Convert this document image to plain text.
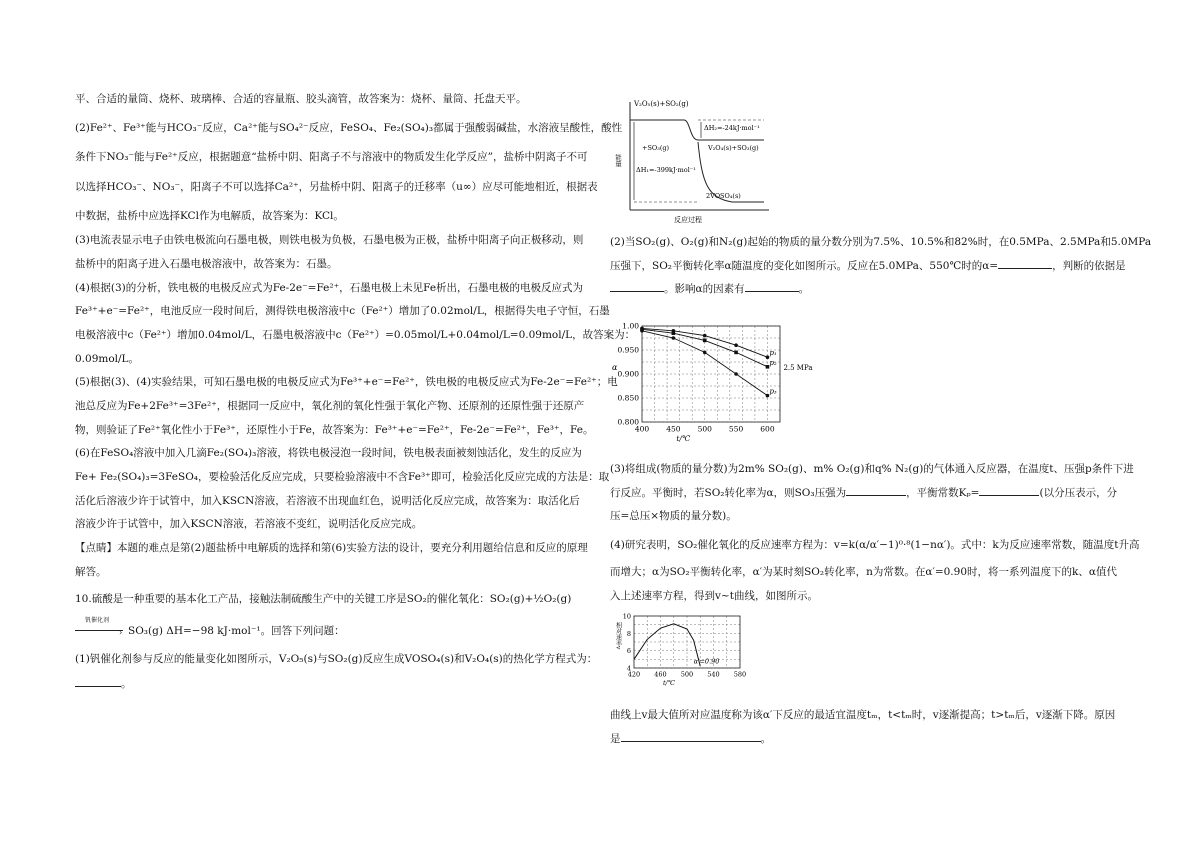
平、合适的量筒、烧杯、玻璃棒、合适的容量瓶、胶头滴管，故答案为：烧杯、量筒、托盘天平。
(2)Fe²⁺、Fe³⁺能与HCO₃⁻反应，Ca²⁺能与SO₄²⁻反应，FeSO₄、Fe₂(SO₄)₃都属于强酸弱碱盐，水溶液呈酸性，酸性
条件下NO₃⁻能与Fe²⁺反应，根据题意“盐桥中阴、阳离子不与溶液中的物质发生化学反应”，盐桥中阴离子不可
以选择HCO₃⁻、NO₃⁻，阳离子不可以选择Ca²⁺，另盐桥中阴、阳离子的迁移率（u∞）应尽可能地相近，根据表
中数据，盐桥中应选择KCl作为电解质，故答案为：KCl。
(3)电流表显示电子由铁电极流向石墨电极，则铁电极为负极，石墨电极为正极，盐桥中阳离子向正极移动，则
盐桥中的阳离子进入石墨电极溶液中，故答案为：石墨。
(4)根据(3)的分析，铁电极的电极反应式为Fe-2e⁻=Fe²⁺，石墨电极上未见Fe析出，石墨电极的电极反应式为
Fe³⁺+e⁻=Fe²⁺，电池反应一段时间后，测得铁电极溶液中c（Fe²⁺）增加了0.02mol/L，根据得失电子守恒，石墨
电极溶液中c（Fe²⁺）增加0.04mol/L，石墨电极溶液中c（Fe²⁺）=0.05mol/L+0.04mol/L=0.09mol/L，故答案为：
0.09mol/L。
(5)根据(3)、(4)实验结果，可知石墨电极的电极反应式为Fe³⁺+e⁻=Fe²⁺，铁电极的电极反应式为Fe-2e⁻=Fe²⁺；电
池总反应为Fe+2Fe³⁺=3Fe²⁺，根据同一反应中，氧化剂的氧化性强于氧化产物、还原剂的还原性强于还原产
物，则验证了Fe²⁺氧化性小于Fe³⁺，还原性小于Fe，故答案为：Fe³⁺+e⁻=Fe²⁺，Fe-2e⁻=Fe²⁺，Fe³⁺，Fe。
(6)在FeSO₄溶液中加入几滴Fe₂(SO₄)₃溶液，将铁电极浸泡一段时间，铁电极表面被刻蚀活化，发生的反应为
Fe+ Fe₂(SO₄)₃=3FeSO₄，要检验活化反应完成，只要检验溶液中不含Fe³⁺即可，检验活化反应完成的方法是：取
活化后溶液少许于试管中，加入KSCN溶液，若溶液不出现血红色，说明活化反应完成，故答案为：取活化后
溶液少许于试管中，加入KSCN溶液，若溶液不变红，说明活化反应完成。
【点睛】本题的难点是第(2)题盐桥中电解质的选择和第(6)实验方法的设计，要充分利用题给信息和反应的原理
解答。
10.硫酸是一种重要的基本化工产品，接触法制硫酸生产中的关键工序是SO₂的催化氧化：SO₂(g)+½O₂(g)
钒催化剂
› SO₃(g) ΔH=−98 kJ·mol⁻¹。回答下列问题：
(1)钒催化剂参与反应的能量变化如图所示，V₂O₅(s)与SO₂(g)反应生成VOSO₄(s)和V₂O₄(s)的热化学方程式为：
。
V₂O₅(s)+SO₂(g)
ΔH₂=-24kJ·mol⁻¹
+SO₃(g)	V₂O₄(s)+SO₃(g)
ΔH₁=-399kJ·mol⁻¹
2VOSO₄(s)
能量
反应过程
(2)当SO₂(g)、O₂(g)和N₂(g)起始的物质的量分数分别为7.5%、10.5%和82%时，在0.5MPa、2.5MPa和5.0MPa
压强下，SO₂平衡转化率α随温度的变化如图所示。反应在5.0MPa、550℃时的α=	，判断的依据是
。影响α的因素有	。
1.00
0.950
0.900
0.850
0.800
400 450 500 550 600
t/℃
α
p₁
p₂
p₃
2.5 MPa
(3)将组成(物质的量分数)为2m% SO₂(g)、m% O₂(g)和q% N₂(g)的气体通入反应器，在温度t、压强p条件下进
行反应。平衡时，若SO₂转化率为α，则SO₃压强为	，平衡常数Kₚ=	(以分压表示，分
压=总压×物质的量分数)。
(4)研究表明，SO₂催化氧化的反应速率方程为：v=k(α/α′−1)⁰·⁸(1−nα′)。式中：k为反应速率常数，随温度t升高
而增大；α为SO₂平衡转化率，α′为某时刻SO₂转化率，n为常数。在α′=0.90时，将一系列温度下的k、α值代
入上述速率方程，得到v~t曲线，如图所示。
10
8
6
4
420 460 500 540 580
t/℃
相对速率v
α′=0.90
曲线上v最大值所对应温度称为该α′下反应的最适宜温度tₘ，t<tₘ时，v逐渐提高；t>tₘ后，v逐渐下降。原因
是	。
